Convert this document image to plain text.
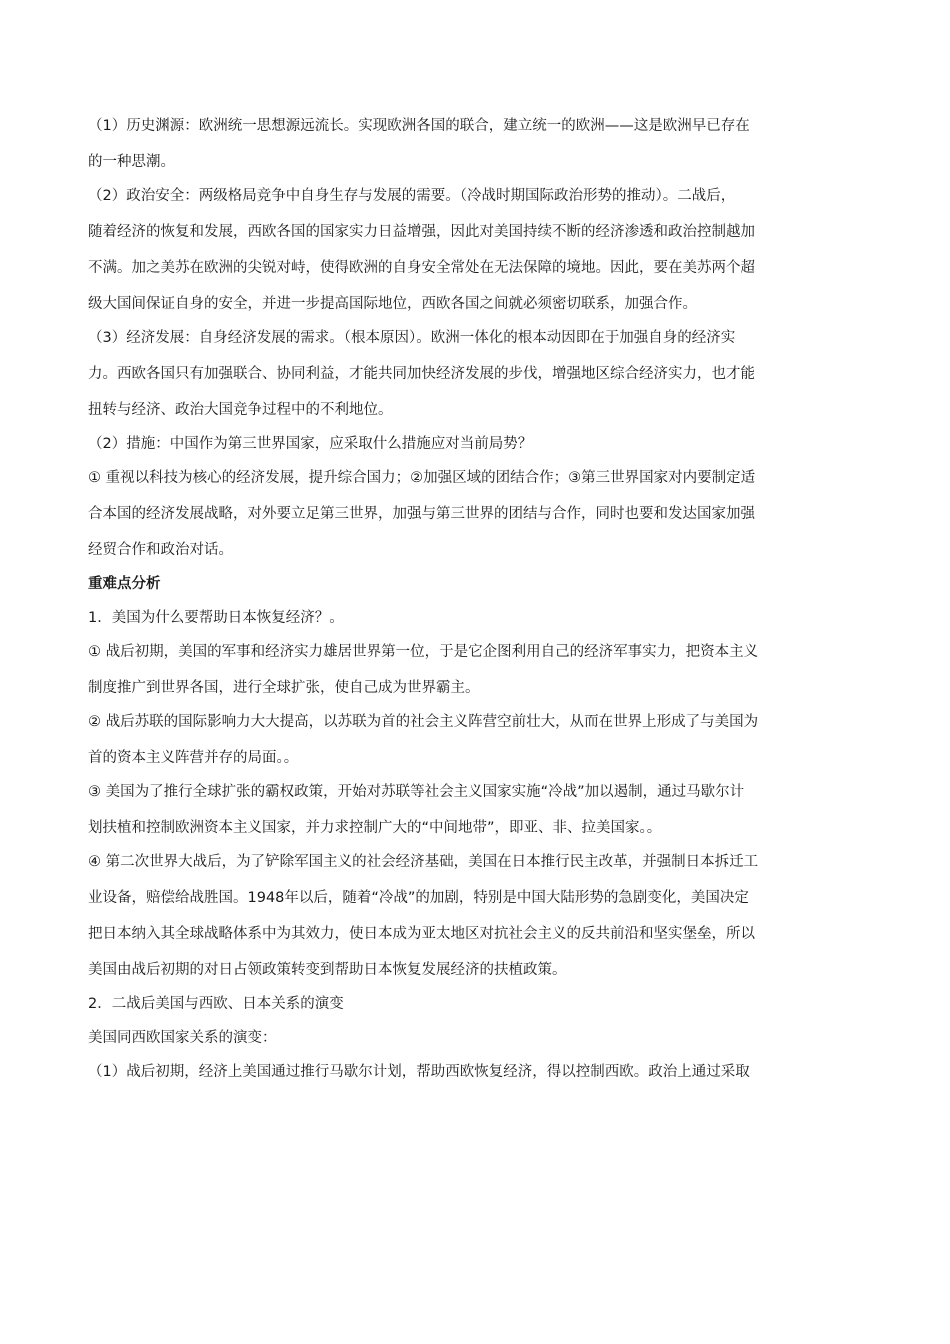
（1）历史渊源：欧洲统一思想源远流长。实现欧洲各国的联合，建立统一的欧洲——这是欧洲早已存在
的一种思潮。
（2）政治安全：两级格局竞争中自身生存与发展的需要。（冷战时期国际政治形势的推动）。二战后，
随着经济的恢复和发展，西欧各国的国家实力日益增强，因此对美国持续不断的经济渗透和政治控制越加
不满。加之美苏在欧洲的尖锐对峙，使得欧洲的自身安全常处在无法保障的境地。因此，要在美苏两个超
级大国间保证自身的安全，并进一步提高国际地位，西欧各国之间就必须密切联系，加强合作。
（3）经济发展：自身经济发展的需求。（根本原因）。欧洲一体化的根本动因即在于加强自身的经济实
力。西欧各国只有加强联合、协同利益，才能共同加快经济发展的步伐，增强地区综合经济实力，也才能
扭转与经济、政治大国竞争过程中的不利地位。
（2）措施：中国作为第三世界国家，应采取什么措施应对当前局势？
① 重视以科技为核心的经济发展，提升综合国力；②加强区域的团结合作；③第三世界国家对内要制定适
合本国的经济发展战略，对外要立足第三世界，加强与第三世界的团结与合作，同时也要和发达国家加强
经贸合作和政治对话。
重难点分析
1．美国为什么要帮助日本恢复经济？。
① 战后初期，美国的军事和经济实力雄居世界第一位，于是它企图利用自己的经济军事实力，把资本主义
制度推广到世界各国，进行全球扩张，使自己成为世界霸主。
② 战后苏联的国际影响力大大提高，以苏联为首的社会主义阵营空前壮大，从而在世界上形成了与美国为
首的资本主义阵营并存的局面。。
③ 美国为了推行全球扩张的霸权政策，开始对苏联等社会主义国家实施“冷战”加以遏制，通过马歇尔计
划扶植和控制欧洲资本主义国家，并力求控制广大的“中间地带”，即亚、非、拉美国家。。
④ 第二次世界大战后，为了铲除军国主义的社会经济基础，美国在日本推行民主改革，并强制日本拆迁工
业设备，赔偿给战胜国。1948年以后，随着“冷战”的加剧，特别是中国大陆形势的急剧变化，美国决定
把日本纳入其全球战略体系中为其效力，使日本成为亚太地区对抗社会主义的反共前沿和坚实堡垒，所以
美国由战后初期的对日占领政策转变到帮助日本恢复发展经济的扶植政策。
2．二战后美国与西欧、日本关系的演变
美国同西欧国家关系的演变：
（1）战后初期，经济上美国通过推行马歇尔计划，帮助西欧恢复经济，得以控制西欧。政治上通过采取
